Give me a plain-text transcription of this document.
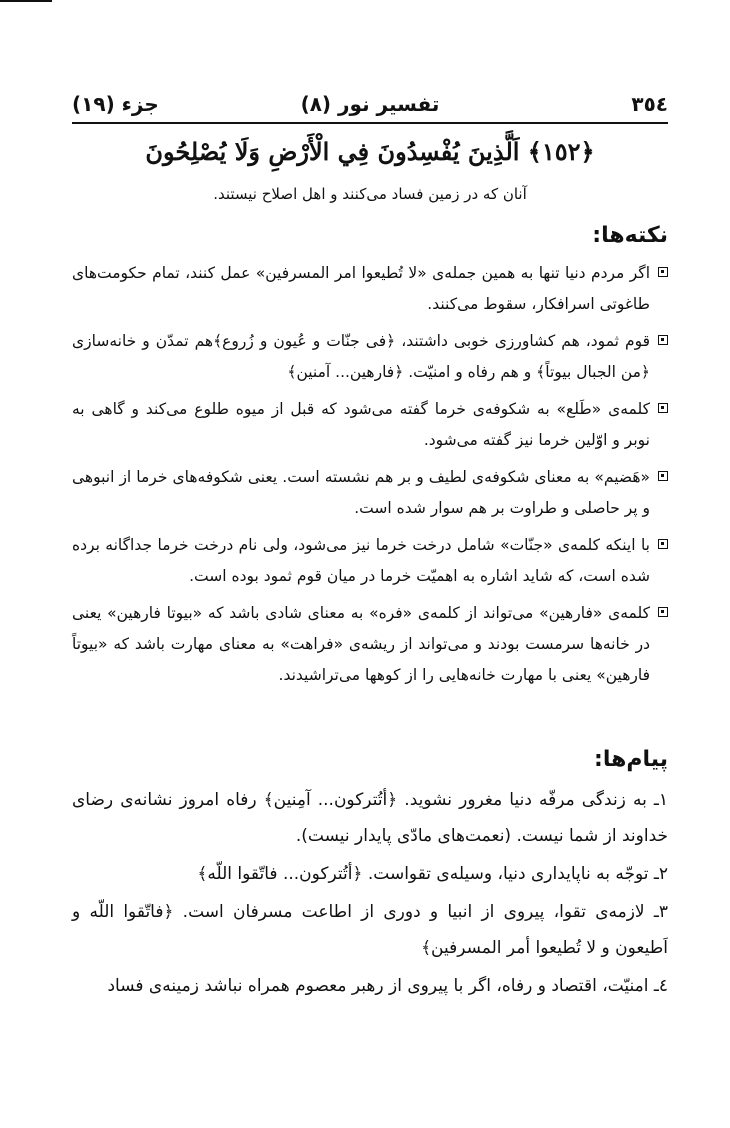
٣٥٤
تفسیر نور (٨)
جزء (١٩)
﴿١٥٢﴾ اَلَّذِينَ يُفْسِدُونَ فِي الْأَرْضِ وَلَا يُصْلِحُونَ
آنان که در زمین فساد می‌کنند و اهل اصلاح نیستند.
نکته‌ها:
اگر مردم دنیا تنها به همین جمله‌ی «لا تُطیعوا امر المسرفین» عمل کنند، تمام حکومت‌های طاغوتی اسرافکار، سقوط می‌کنند.
قوم ثمود، هم کشاورزی خوبی داشتند، ﴿فی جنّات و عُیون و زُروع﴾هم تمدّن و خانه‌سازی ﴿من الجبال بیوتاً﴾ و هم رفاه و امنیّت. ﴿فارهین... آمنین﴾
کلمه‌ی «طَلع» به شکوفه‌ی خرما گفته می‌شود که قبل از میوه طلوع می‌کند و گاهی به نوبر و اوّلین خرما نیز گفته می‌شود.
«هَضیم» به معنای شکوفه‌ی لطیف و بر هم نشسته است. یعنی شکوفه‌های خرما از انبوهی و پر حاصلی و طراوت بر هم سوار شده است.
با اینکه کلمه‌ی «جنّات» شامل درخت خرما نیز می‌شود، ولی نام درخت خرما جداگانه برده شده است، که شاید اشاره به اهمیّت خرما در میان قوم ثمود بوده است.
کلمه‌ی «فارهین» می‌تواند از کلمه‌ی «فره» به معنای شادی باشد که «بیوتا فارهین» یعنی در خانه‌ها سرمست بودند و می‌تواند از ریشه‌ی «فراهت» به معنای مهارت باشد که «بیوتاً فارهین» یعنی با مهارت خانه‌هایی را از کوهها می‌تراشیدند.
پیام‌ها:
۱ـ به زندگی مرفّه دنیا مغرور نشوید. ﴿أتُترکون... آمِنین﴾ رفاه امروز نشانه‌ی رضای خداوند از شما نیست. (نعمت‌های مادّی پایدار نیست).
۲ـ توجّه به ناپایداری دنیا، وسیله‌ی تقواست. ﴿أتُترکون... فاتّقوا اللّه﴾
۳ـ لازمه‌ی تقوا، پیروی از انبیا و دوری از اطاعت مسرفان است. ﴿فاتّقوا اللّه و اَطیعون و لا تُطیعوا أمر المسرفین﴾
٤ـ امنیّت، اقتصاد و رفاه، اگر با پیروی از رهبر معصوم همراه نباشد زمینه‌ی فساد
